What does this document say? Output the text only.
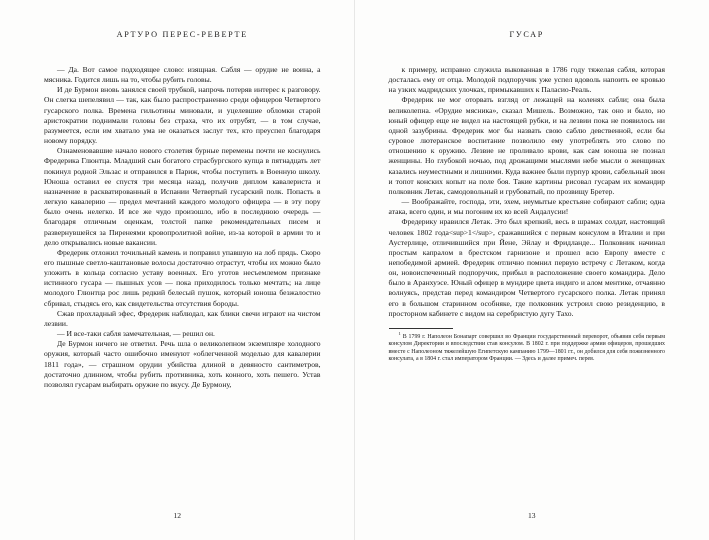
АРТУРО ПЕРЕС-РЕВЕРТЕ

— Да. Вот самое подходящее слово: изящная. Сабля — орудие не воина, а мясника. Годится лишь на то, чтобы рубить головы.

И де Бурмон вновь занялся своей трубкой, напрочь потеряв интерес к разговору. Он слегка шепелявил — так, как было распространенно среди офицеров Четвертого гусарского полка. Времена гильотины миновали, и уцелевшие обломки старой аристократии поднимали головы без страха, что их отрубят, — в том случае, разумеется, если им хватало ума не оказаться заслуг тех, кто преуспел благодаря новому порядку.

Ознаменовавшие начало нового столетия бурные перемены почти не коснулись Фредерика Глюнтца. Младший сын богатого страсбургского купца в пятнадцать лет покинул родной Эльзас и отправился в Париж, чтобы поступить в Военную школу. Юноша оставил ее спустя три месяца назад, получив диплом кавалериста и назначение в раскватированный в Испании Четвертый гусарский полк. Попасть в легкую кавалерию — предел мечтаний каждого молодого офицера — в эту пору было очень нелегко. И все же чудо произошло, ибо в последнюю очередь — благодаря отличным оценкам, толстой папке рекомендательных писем и развернувшейся за Пиренеями кровопролитной войне, из-за которой в армии то и дело открывались новые вакансии.

Фредерик отложил точильный камень и поправил упавшую на лоб прядь. Скоро его пышные светло-каштановые волосы достаточно отрастут, чтобы их можно было уложить в кольца согласно уставу военных. Его уготов несъемлемом признаке истинного гусара — пышных усов — пока приходилось только мечтать; на лице молодого Глюнтца рос лишь редкий белесый пушок, который юноша безжалостно сбривал, стыдясь его, как свидетельства отсутствия бороды.

Сжав прохладный эфес, Фредерик наблюдал, как блики свечи играют на чистом лезвии.

— И все-таки сабля замечательная, — решил он.

Де Бурмон ничего не ответил. Речь шла о великолепном экземпляре холодного оружия, который часто ошибочно именуют «облегченной моделью для кавалерии 1811 года», — страшном орудии убийства длиной в девяносто сантиметров, достаточно длинном, чтобы рубить противника, хоть конного, хоть пешего. Устав позволял гусарам выбирать оружие по вкусу. Де Бурмону,

12
ГУСАР

к примеру, исправно служила выкованная в 1786 году тяжелая сабля, которая досталась ему от отца. Молодой подпоручик уже успел вдоволь напоить ее кровью на узких мадридских улочках, примыкавших к Паласио-Реаль.

Фредерик не мог оторвать взгляд от лежащей на коленях сабли; она была великолепна. «Орудие мясника», сказал Мишель. Возможно, так оно и было, но юный офицер еще не видел на настоящей рубки, и на лезвии пока не появилось ни одной зазубрины. Фредерик мог бы назвать свою саблю девственной, если бы суровое лютеранское воспитание позволило ему употреблять это слово по отношению к оружию. Лезвие не проливало крови, как сам юноша не познал женщины. Но глубокой ночью, под дрожащими мыслями небе мысли о женщинах казались неуместными и лишними. Куда важнее были пурпур крови, сабельный звон и топот конских копыт на поле боя. Такие картины рисовал гусарам их командир полковник Летак, самодовольный и грубоватый, по прозвищу Бретер.

— Воображайте, господа, эти, эхем, неумытые крестьяне собирают сабли; одна атака, всего один, и мы погоним их ко всей Андалусии!

Фредерику нравился Летак. Это был крепкий, весь в шрамах солдат, настоящий человек 1802 года<sup>1</sup>, сражавшийся с первым консулом в Италии и при Аустерлице, отличившийся при Йене, Эйлау и Фридланде... Полковник начинал простым капралом в брестском гарнизоне и прошел всю Европу вместе с непобедимой армией. Фредерик отлично помнил первую встречу с Летаком, когда он, новоиспеченный подпоручик, прибыл в расположение своего командира. Дело было в Аранхуэсе. Юный офицер в мундире цвета индиго и алом ментике, отчаянно волнуясь, представ перед командиром Четвертого гусарского полка. Летак принял его в большом старинном особняке, где полковник устроил свою резиденцию, в просторном кабинете с видом на серебристую дугу Тахо.

$^1$ В 1799 г. Наполеон Бонапарт совершил во Франции государственный переворот, объявив себя первым консулом Директории и впоследствии став консулом. В 1802 г. при поддержке армии офицеров, прошедших вместе с Наполеоном тяжелейшую Египетскую кампанию 1799—1801 гг., он добился для себя пожизненного консулата, а в 1804 г. стал императором Франции. — Здесь и далее примеч. перев.

13
